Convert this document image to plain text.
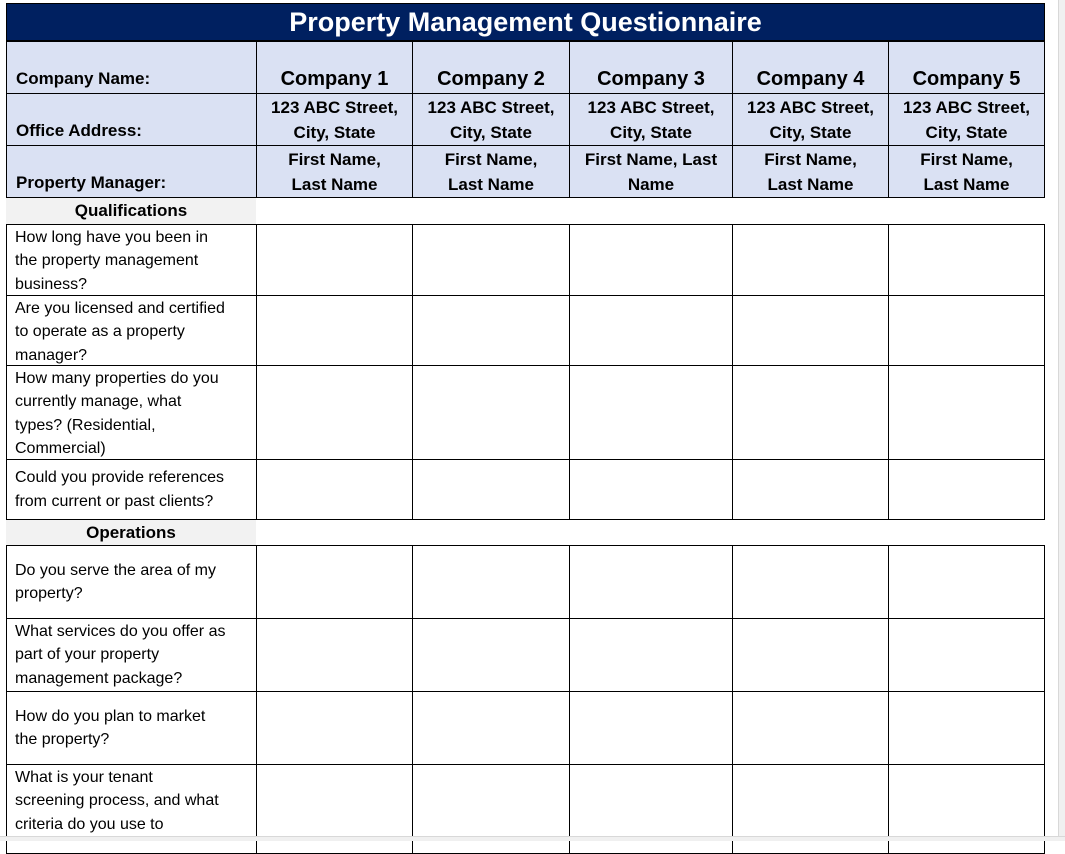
Property Management Questionnaire
Company Name:
Office Address:
Property Manager:
Company 1
123 ABC Street,
City, State
First Name,
Last Name
Company 2
123 ABC Street,
City, State
First Name,
Last Name
Company 3
123 ABC Street,
City, State
First Name, Last
Name
Company 4
123 ABC Street,
City, State
First Name,
Last Name
Company 5
123 ABC Street,
City, State
First Name,
Last Name
Qualifications
How long have you been in
the property management
business?
Are you licensed and certified
to operate as a property
manager?
How many properties do you
currently manage, what
types? (Residential,
Commercial)
Could you provide references
from current or past clients?
Operations
Do you serve the area of my
property?
What services do you offer as
part of your property
management package?
How do you plan to market
the property?
What is your tenant
screening process, and what
criteria do you use to
